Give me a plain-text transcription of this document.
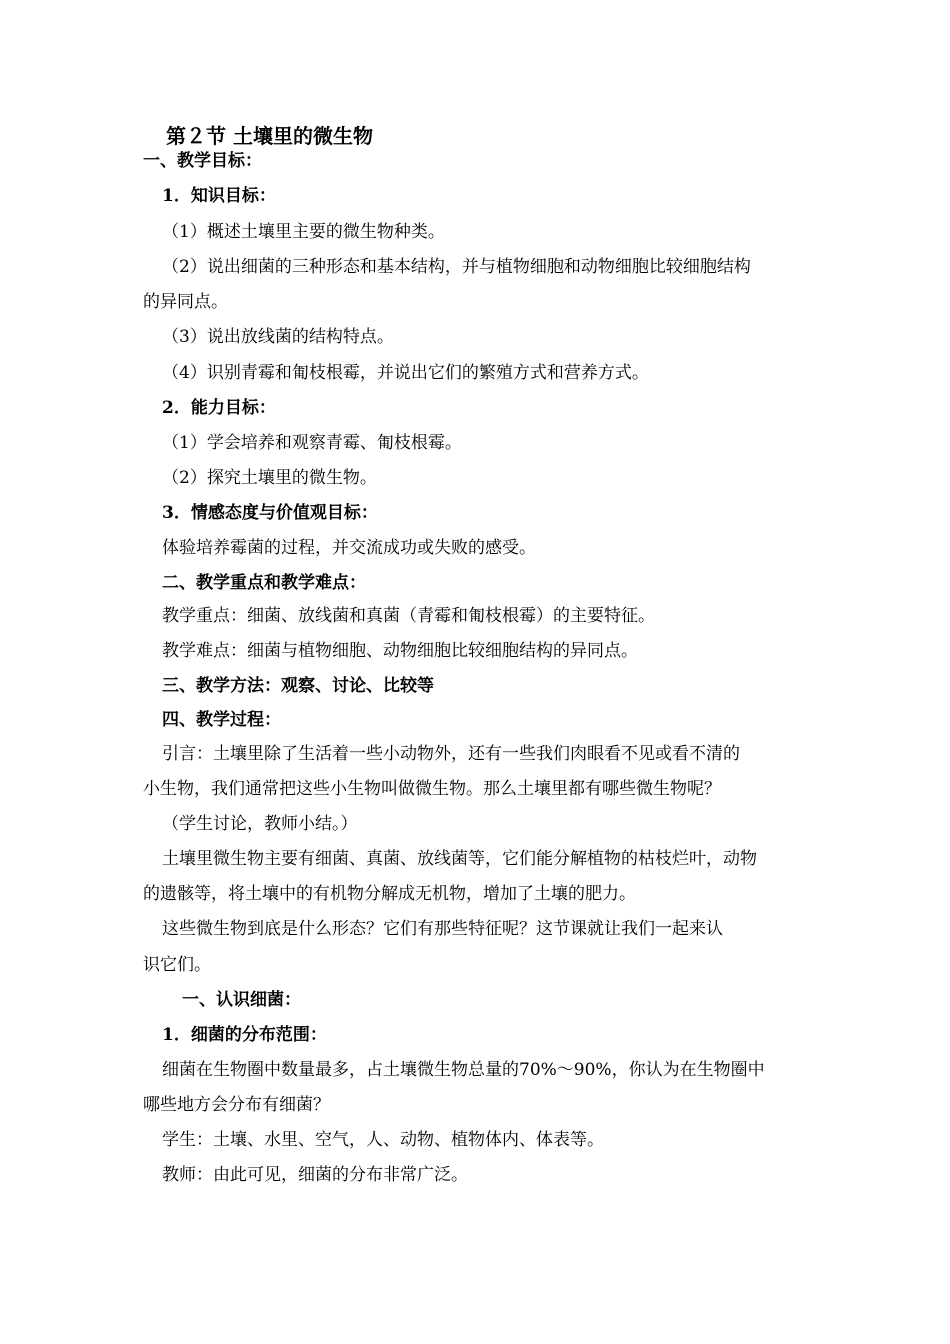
第２节 土壤里的微生物
一、教学目标：
1．知识目标：
（1）概述土壤里主要的微生物种类。
（2）说出细菌的三种形态和基本结构，并与植物细胞和动物细胞比较细胞结构
的异同点。
（3）说出放线菌的结构特点。
（4）识别青霉和匍枝根霉，并说出它们的繁殖方式和营养方式。
2．能力目标：
（1）学会培养和观察青霉、匍枝根霉。
（2）探究土壤里的微生物。
3．情感态度与价值观目标：
体验培养霉菌的过程，并交流成功或失败的感受。
二、教学重点和教学难点：
教学重点：细菌、放线菌和真菌（青霉和匍枝根霉）的主要特征。
教学难点：细菌与植物细胞、动物细胞比较细胞结构的异同点。
三、教学方法：观察、讨论、比较等
四、教学过程：
引言：土壤里除了生活着一些小动物外，还有一些我们肉眼看不见或看不清的
小生物，我们通常把这些小生物叫做微生物。那么土壤里都有哪些微生物呢？
（学生讨论，教师小结。）
土壤里微生物主要有细菌、真菌、放线菌等，它们能分解植物的枯枝烂叶，动物
的遗骸等，将土壤中的有机物分解成无机物，增加了土壤的肥力。
这些微生物到底是什么形态？它们有那些特征呢？这节课就让我们一起来认
识它们。
一、认识细菌：
1．细菌的分布范围：
细菌在生物圈中数量最多，占土壤微生物总量的70%～90%，你认为在生物圈中
哪些地方会分布有细菌？
学生：土壤、水里、空气，人、动物、植物体内、体表等。
教师：由此可见，细菌的分布非常广泛。
